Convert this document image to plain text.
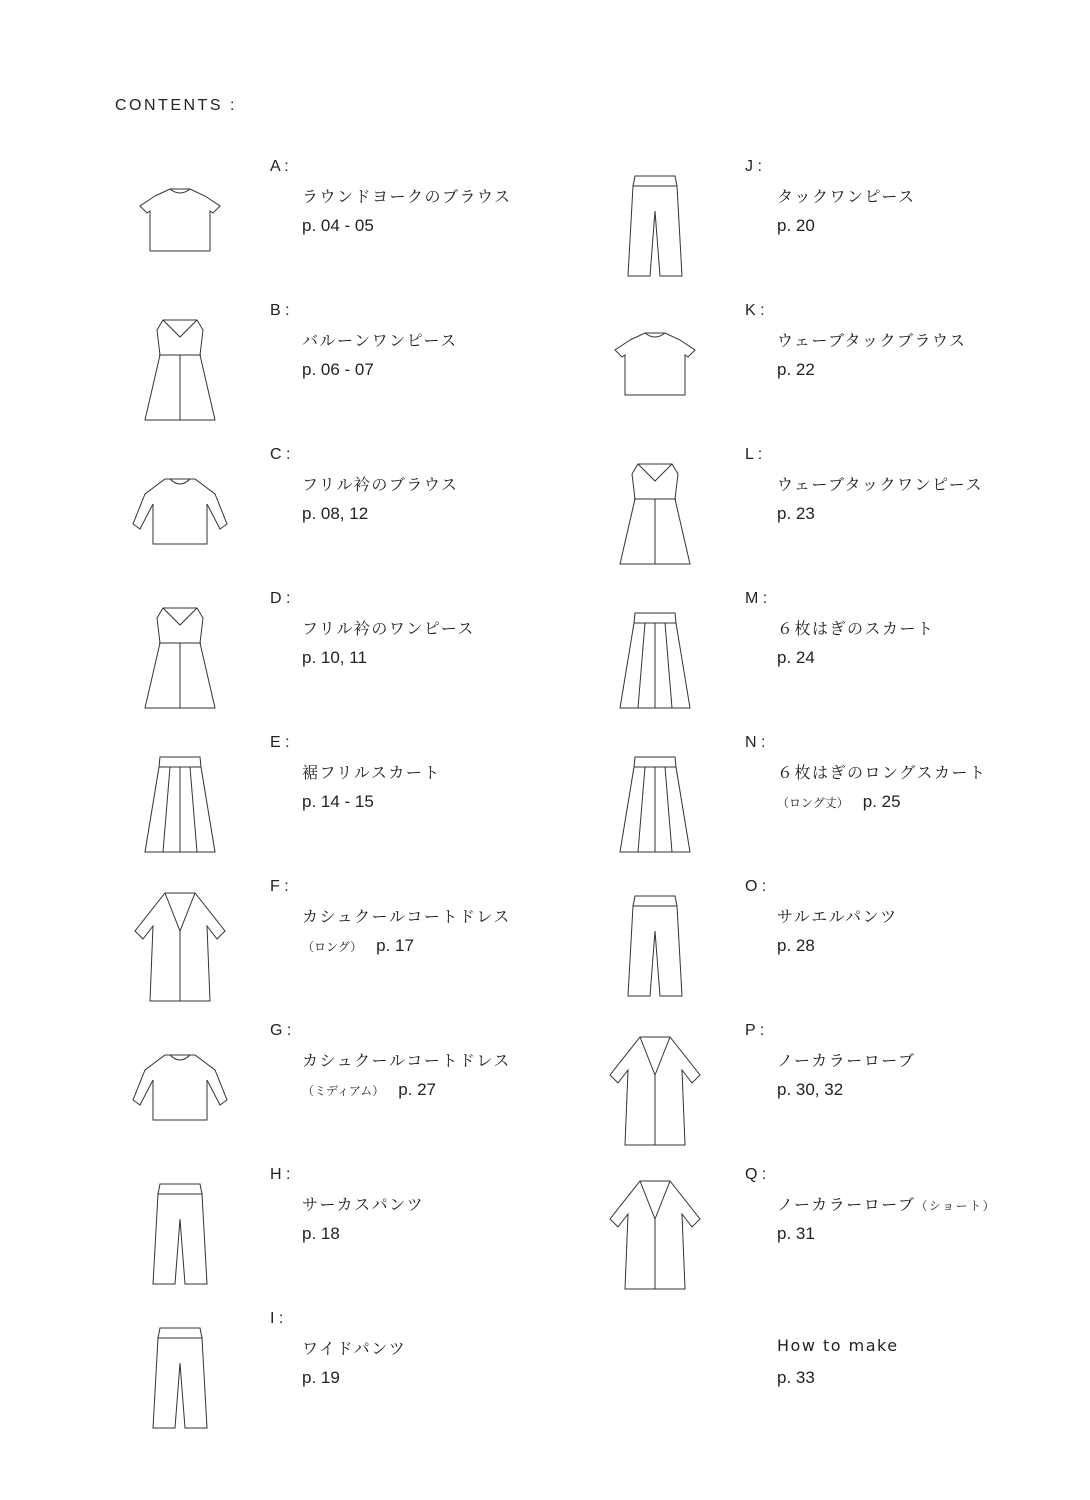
CONTENTS :
A :
ラウンドヨークのブラウス
p. 04 - 05
B :
バルーンワンピース
p. 06 - 07
C :
フリル衿のブラウス
p. 08, 12
D :
フリル衿のワンピース
p. 10, 11
E :
裾フリルスカート
p. 14 - 15
F :
カシュクールコートドレス
（ロング） p. 17
G :
カシュクールコートドレス
（ミディアム） p. 27
H :
サーカスパンツ
p. 18
I :
ワイドパンツ
p. 19
J :
タックワンピース
p. 20
K :
ウェーブタックブラウス
p. 22
L :
ウェーブタックワンピース
p. 23
M :
６枚はぎのスカート
p. 24
N :
６枚はぎのロングスカート
（ロング丈） p. 25
O :
サルエルパンツ
p. 28
P :
ノーカラーローブ
p. 30, 32
Q :
ノーカラーローブ（ショート）
p. 31
How to make
p. 33
